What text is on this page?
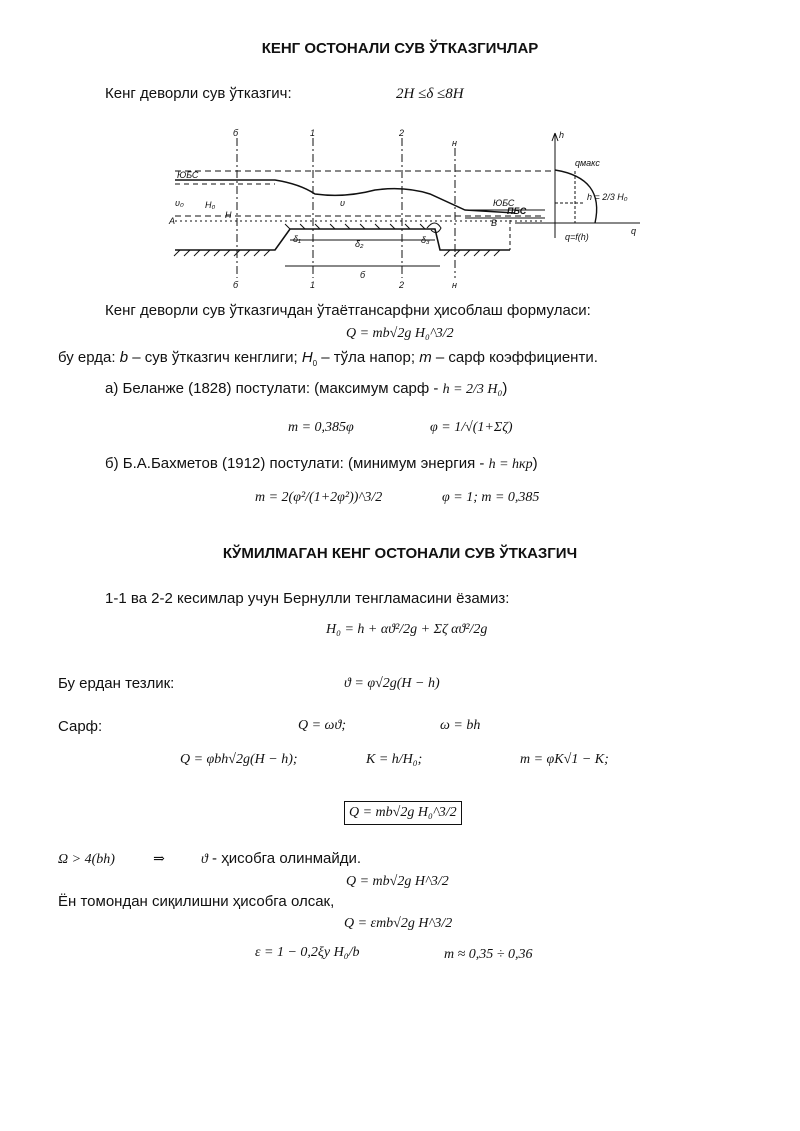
КЕНГ ОСТОНАЛИ СУВ ЎТКАЗГИЧЛАР
Кенг деворли сув ўтказгич:	2H ≤δ ≤8H
б	1	2
н
б	1	2	н
ЮБС
ЮБС
ПБС
qмакс
q=f(h)
h
q
h = 2/3 H₀
υ₀	υ
H₀
H
A	B
б
δ₂
δ₁	δ₃
Кенг деворли сув ўтказгичдан ўтаётгансарфни ҳисоблаш формуласи:
Q = mb√2g H₀^3/2
бу ерда: b – сув ўтказгич кенглиги; $H_0$ – тўла напор; m – сарф коэффициенти.
а) Беланже (1828) постулати: (максимум сарф - h = 2/3 H₀)
m = 0,385φ	φ = 1/√(1+Σζ)
б) Б.А.Бахметов (1912) постулати: (минимум энергия - h = hкр)
m = 2(φ²/(1+2φ²))^3/2	φ = 1; m = 0,385
КЎМИЛМАГАН КЕНГ ОСТОНАЛИ СУВ ЎТКАЗГИЧ
1-1 ва 2-2 кесимлар учун Бернулли тенгламасини ёзамиз:
H₀ = h + αϑ²/2g + Σζ αϑ²/2g
Бу ердан тезлик:	ϑ = φ√2g(H − h)
Сарф:	Q = ωϑ;	ω = bh
Q = φbh√2g(H − h);	K = h/H₀;	m = φK√1 − K;
Q = mb√2g H₀^3/2
Ω > 4(bh)	⇒	ϑ - ҳисобга олинмайди.
Q = mb√2g H^3/2
Ён томондан сиқилишни ҳисобга олсак,
Q = εmb√2g H^3/2
ε = 1 − 0,2ξy H₀/b	m ≈ 0,35 ÷ 0,36
